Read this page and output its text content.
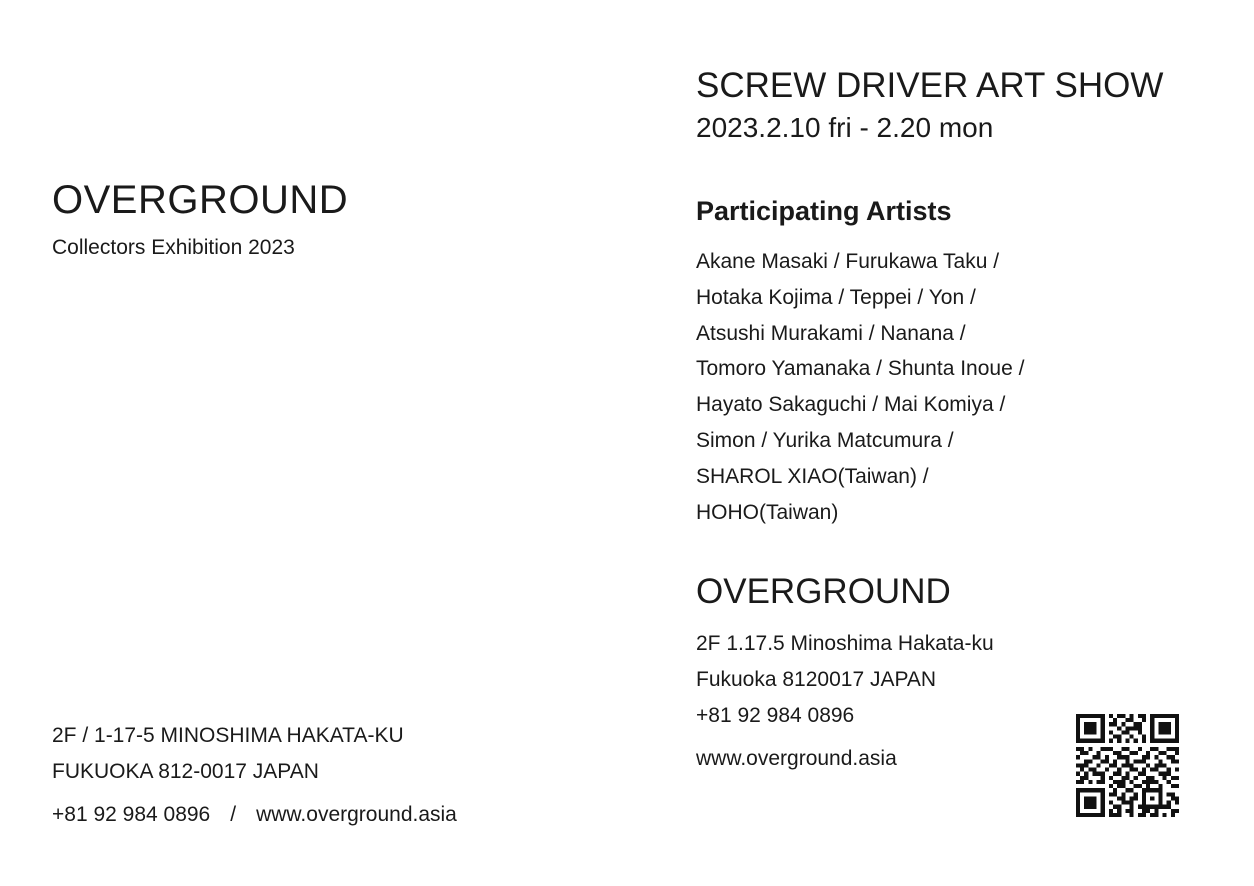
OVERGROUND
Collectors Exhibition 2023
2F / 1-17-5 MINOSHIMA HAKATA-KU
FUKUOKA 812-0017 JAPAN
+81 92 984 0896 / www.overground.asia
SCREW DRIVER ART SHOW
2023.2.10 fri - 2.20 mon
Participating Artists
Akane Masaki / Furukawa Taku /
Hotaka Kojima / Teppei / Yon /
Atsushi Murakami / Nanana /
Tomoro Yamanaka / Shunta Inoue /
Hayato Sakaguchi / Mai Komiya /
Simon / Yurika Matcumura /
SHAROL XIAO(Taiwan) /
HOHO(Taiwan)
OVERGROUND
2F 1.17.5 Minoshima Hakata-ku
Fukuoka 8120017 JAPAN
+81 92 984 0896
www.overground.asia
